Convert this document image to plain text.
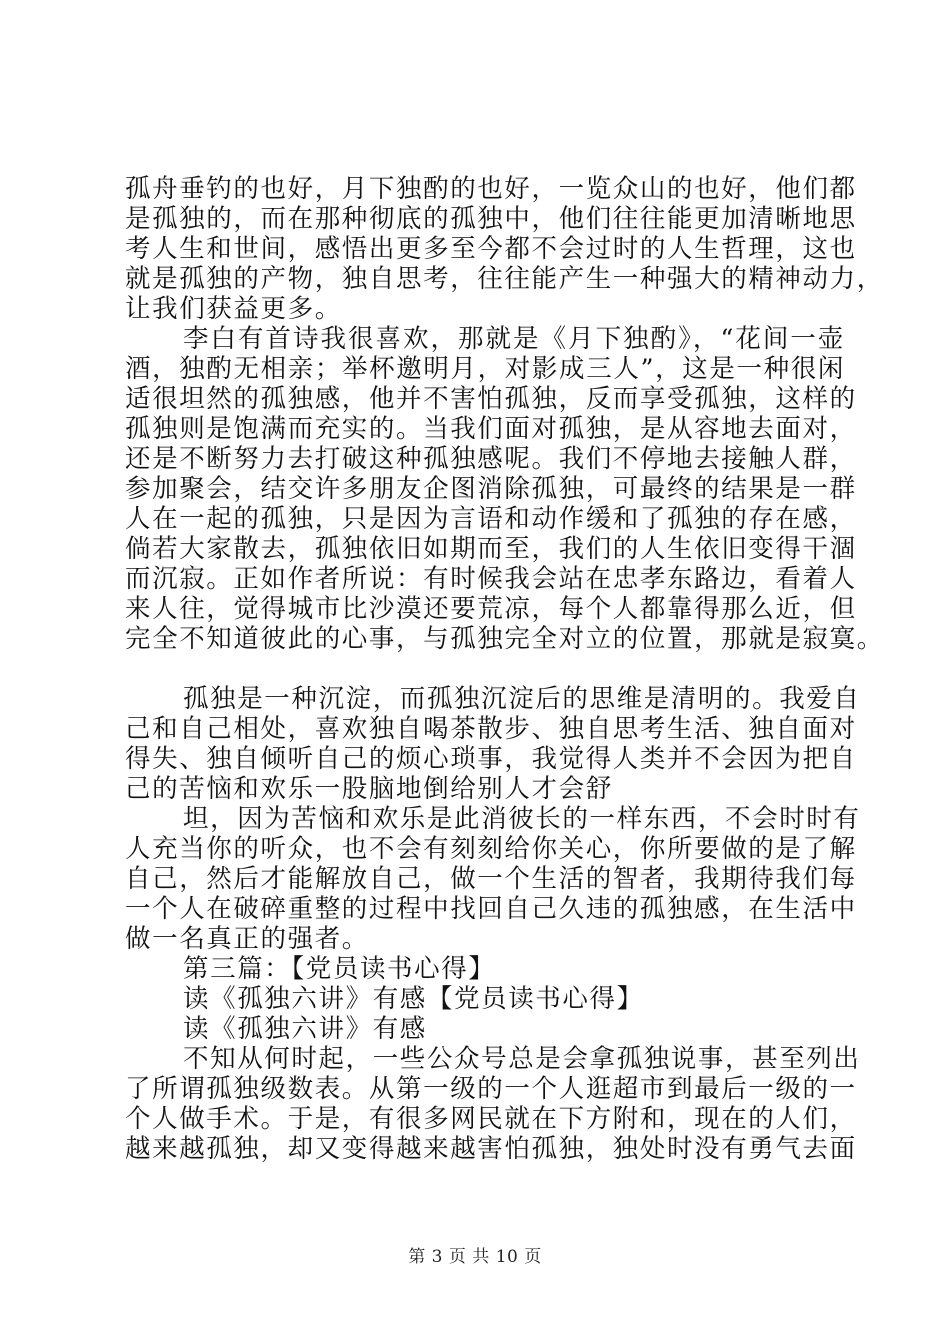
孤舟垂钓的也好，月下独酌的也好，一览众山的也好，他们都
是孤独的，而在那种彻底的孤独中，他们往往能更加清晰地思
考人生和世间，感悟出更多至今都不会过时的人生哲理，这也
就是孤独的产物，独自思考，往往能产生一种强大的精神动力，
让我们获益更多。
李白有首诗我很喜欢，那就是《月下独酌》，“花间一壶
酒，独酌无相亲；举杯邀明月，对影成三人”，这是一种很闲
适很坦然的孤独感，他并不害怕孤独，反而享受孤独，这样的
孤独则是饱满而充实的。当我们面对孤独，是从容地去面对，
还是不断努力去打破这种孤独感呢。我们不停地去接触人群，
参加聚会，结交许多朋友企图消除孤独，可最终的结果是一群
人在一起的孤独，只是因为言语和动作缓和了孤独的存在感，
倘若大家散去，孤独依旧如期而至，我们的人生依旧变得干涸
而沉寂。正如作者所说：有时候我会站在忠孝东路边，看着人
来人往，觉得城市比沙漠还要荒凉，每个人都靠得那么近，但
完全不知道彼此的心事，与孤独完全对立的位置，那就是寂寞。
孤独是一种沉淀，而孤独沉淀后的思维是清明的。我爱自
己和自己相处，喜欢独自喝茶散步、独自思考生活、独自面对
得失、独自倾听自己的烦心琐事，我觉得人类并不会因为把自
己的苦恼和欢乐一股脑地倒给别人才会舒
坦，因为苦恼和欢乐是此消彼长的一样东西，不会时时有
人充当你的听众，也不会有刻刻给你关心，你所要做的是了解
自己，然后才能解放自己，做一个生活的智者，我期待我们每
一个人在破碎重整的过程中找回自己久违的孤独感，在生活中
做一名真正的强者。
第三篇：【党员读书心得】
读《孤独六讲》有感【党员读书心得】
读《孤独六讲》有感
不知从何时起，一些公众号总是会拿孤独说事，甚至列出
了所谓孤独级数表。从第一级的一个人逛超市到最后一级的一
个人做手术。于是，有很多网民就在下方附和，现在的人们，
越来越孤独，却又变得越来越害怕孤独，独处时没有勇气去面
第 3 页 共 10 页
